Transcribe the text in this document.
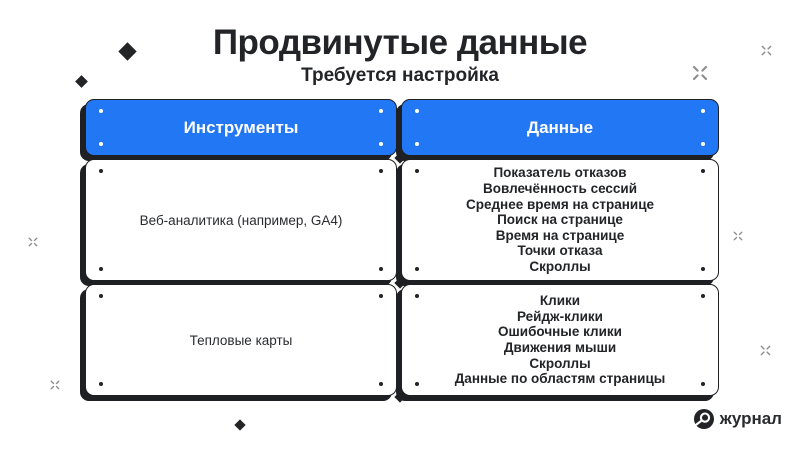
Продвинутые данные
Требуется настройка
Инструменты	Данные
Веб-аналитика (например, GA4)
Показатель отказов
Вовлечённость сессий
Среднее время на странице
Поиск на странице
Время на странице
Точки отказа
Скроллы
Тепловые карты
Клики
Рейдж-клики
Ошибочные клики
Движения мыши
Скроллы
Данные по областям страницы
журнал
